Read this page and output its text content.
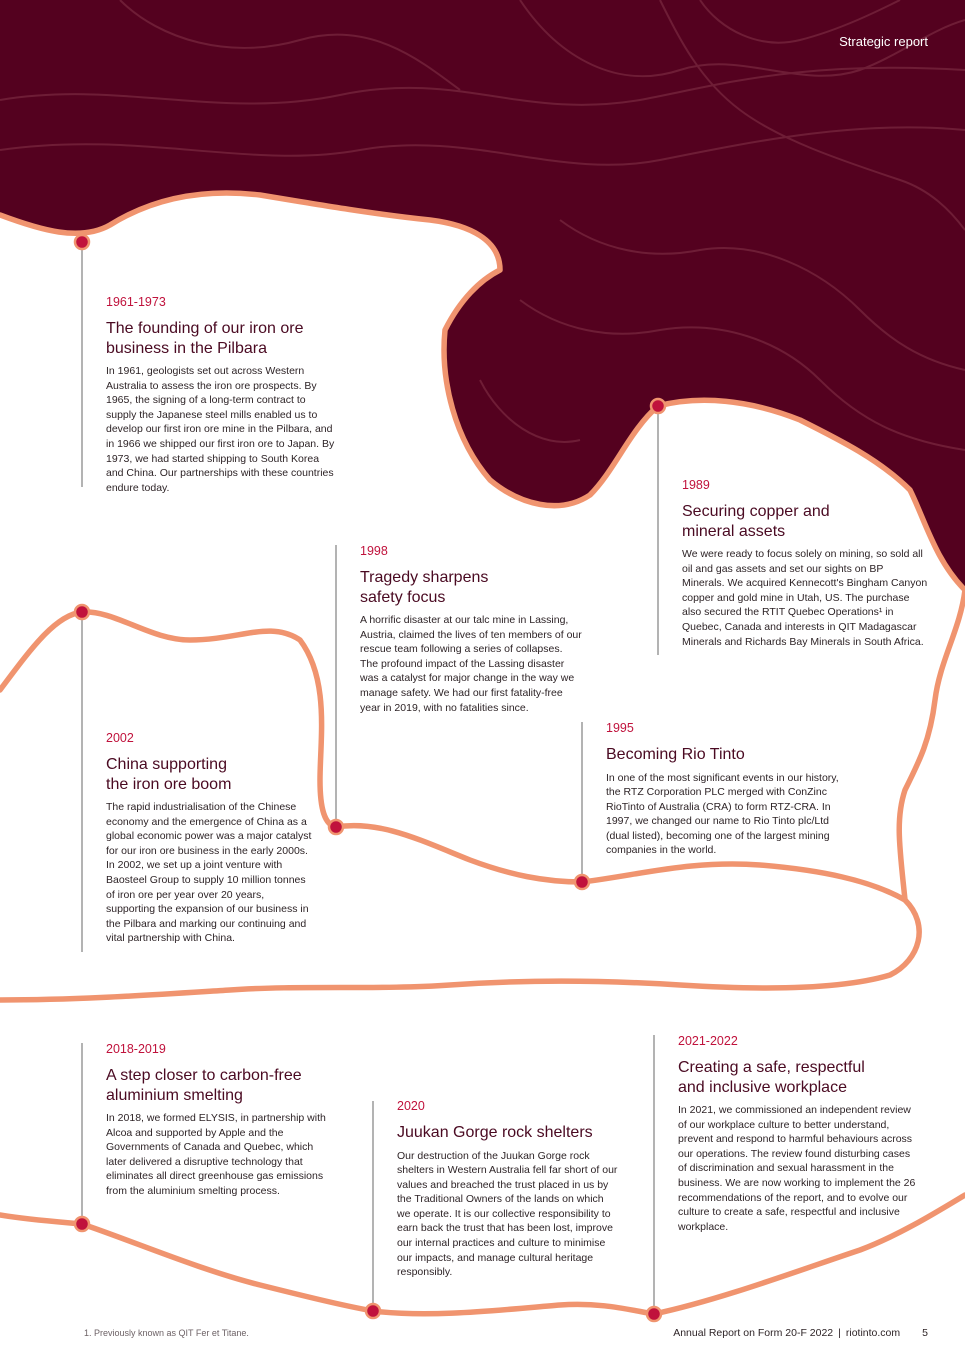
Strategic report

1961-1973

The founding of our iron ore
business in the Pilbara

In 1961, geologists set out across Western Australia to assess the iron ore prospects. By 1965, the signing of a long-term contract to supply the Japanese steel mills enabled us to develop our first iron ore mine in the Pilbara, and in 1966 we shipped our first iron ore to Japan. By 1973, we had started shipping to South Korea and China. Our partnerships with these countries endure today.	1989

Securing copper and
mineral assets

We were ready to focus solely on mining, so sold all oil and gas assets and set our sights on BP Minerals. We acquired Kennecott's Bingham Canyon copper and gold mine in Utah, US. The purchase also secured the RTIT Quebec Operations¹ in Quebec, Canada and interests in QIT Madagascar Minerals and Richards Bay Minerals in South Africa.

1998

Tragedy sharpens
safety focus

A horrific disaster at our talc mine in Lassing, Austria, claimed the lives of ten members of our rescue team following a series of collapses. The profound impact of the Lassing disaster was a catalyst for major change in the way we manage safety. We had our first fatality-free year in 2019, with no fatalities since.

1995

Becoming Rio Tinto

In one of the most significant events in our history, the RTZ Corporation PLC merged with ConZinc RioTinto of Australia (CRA) to form RTZ-CRA. In 1997, we changed our name to Rio Tinto plc/Ltd (dual listed), becoming one of the largest mining companies in the world.

2002

China supporting
the iron ore boom

The rapid industrialisation of the Chinese economy and the emergence of China as a global economic power was a major catalyst for our iron ore business in the early 2000s. In 2002, we set up a joint venture with Baosteel Group to supply 10 million tonnes of iron ore per year over 20 years, supporting the expansion of our business in the Pilbara and marking our continuing and vital partnership with China.

2018-2019

A step closer to carbon-free
aluminium smelting

In 2018, we formed ELYSIS, in partnership with Alcoa and supported by Apple and the Governments of Canada and Quebec, which later delivered a disruptive technology that eliminates all direct greenhouse gas emissions from the aluminium smelting process.

2020

Juukan Gorge rock shelters

Our destruction of the Juukan Gorge rock shelters in Western Australia fell far short of our values and breached the trust placed in us by the Traditional Owners of the lands on which we operate. It is our collective responsibility to earn back the trust that has been lost, improve our internal practices and culture to minimise our impacts, and manage cultural heritage responsibly.

2021-2022

Creating a safe, respectful
and inclusive workplace

In 2021, we commissioned an independent review of our workplace culture to better understand, prevent and respond to harmful behaviours across our operations. The review found disturbing cases of discrimination and sexual harassment in the business. We are now working to implement the 26 recommendations of the report, and to evolve our culture to create a safe, respectful and inclusive workplace.

1. Previously known as QIT Fer et Titane.	Annual Report on Form 20-F 2022 | riotinto.com 5
